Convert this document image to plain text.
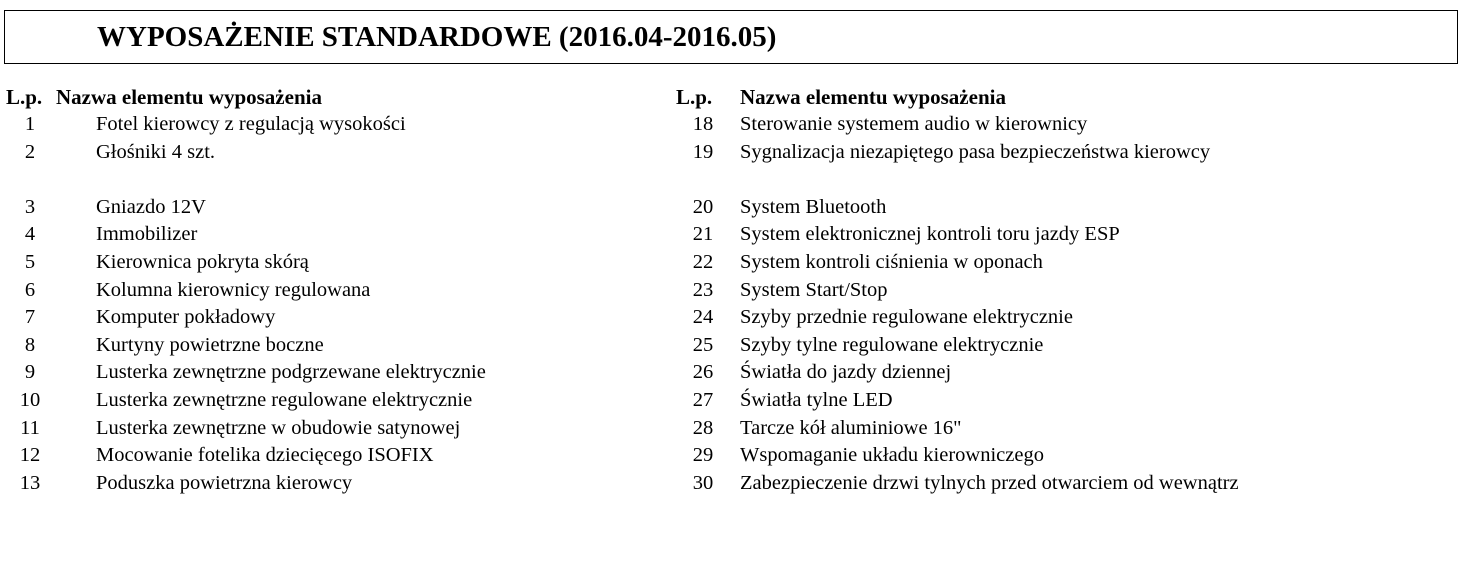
WYPOSAŻENIE STANDARDOWE (2016.04-2016.05)
L.p. Nazwa elementu wyposażenia
1	Fotel kierowcy z regulacją wysokości
2	Głośniki 4 szt.
3	Gniazdo 12V
4	Immobilizer
5	Kierownica pokryta skórą
6	Kolumna kierownicy regulowana
7	Komputer pokładowy
8	Kurtyny powietrzne boczne
9	Lusterka zewnętrzne podgrzewane elektrycznie
10	Lusterka zewnętrzne regulowane elektrycznie
11	Lusterka zewnętrzne w obudowie satynowej
12	Mocowanie fotelika dziecięcego ISOFIX
13	Poduszka powietrzna kierowcy
L.p. Nazwa elementu wyposażenia
18	Sterowanie systemem audio w kierownicy
19	Sygnalizacja niezapiętego pasa bezpieczeństwa kierowcy
20	System Bluetooth
21	System elektronicznej kontroli toru jazdy ESP
22	System kontroli ciśnienia w oponach
23	System Start/Stop
24	Szyby przednie regulowane elektrycznie
25	Szyby tylne regulowane elektrycznie
26	Światła do jazdy dziennej
27	Światła tylne LED
28	Tarcze kół aluminiowe 16"
29	Wspomaganie układu kierowniczego
30	Zabezpieczenie drzwi tylnych przed otwarciem od wewnątrz
